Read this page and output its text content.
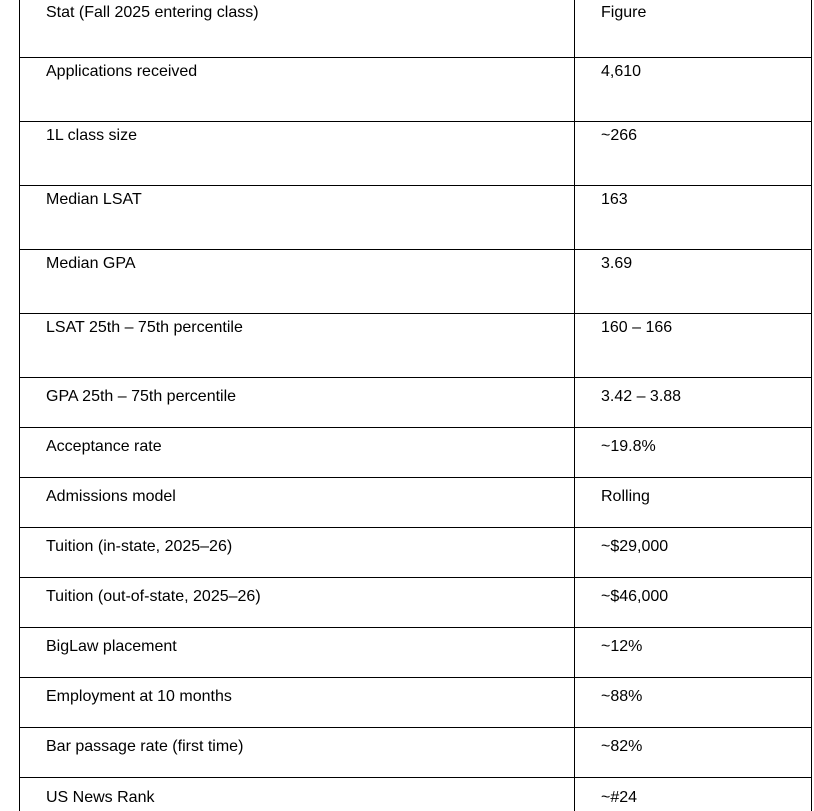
Stat (Fall 2025 entering class)	Figure
Applications received	4,610
1L class size	~266
Median LSAT	163
Median GPA	3.69
LSAT 25th – 75th percentile	160 – 166
GPA 25th – 75th percentile	3.42 – 3.88
Acceptance rate	~19.8%
Admissions model	Rolling
Tuition (in-state, 2025–26)	~$29,000
Tuition (out-of-state, 2025–26)	~$46,000
BigLaw placement	~12%
Employment at 10 months	~88%
Bar passage rate (first time)	~82%
US News Rank	~#24
